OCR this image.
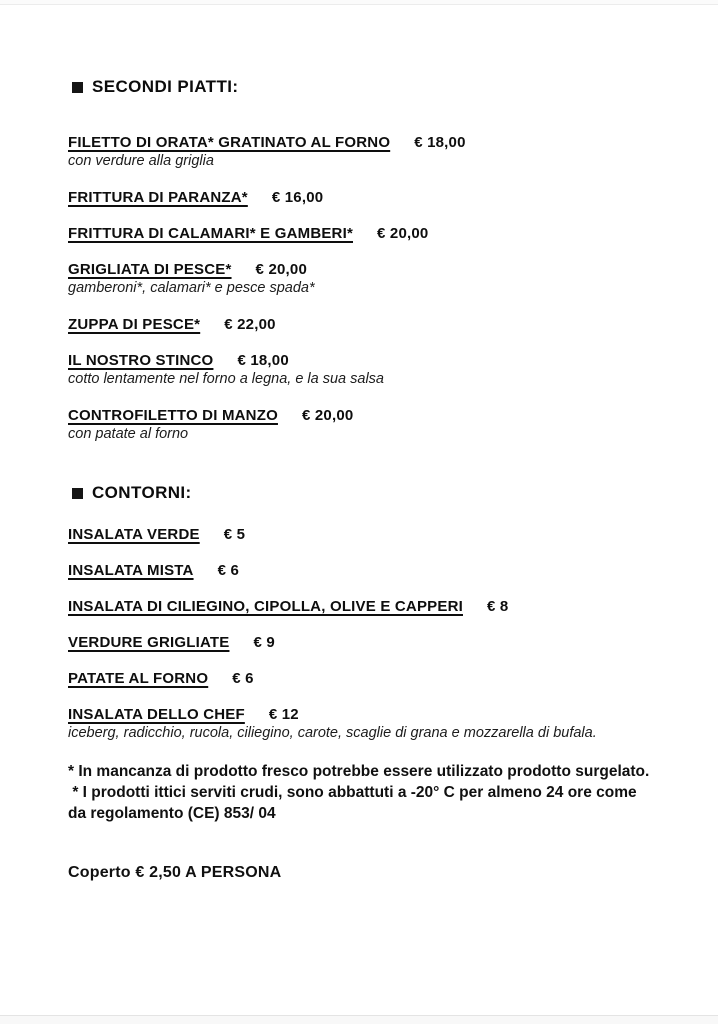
SECONDI PIATTI:
FILETTO DI ORATA* GRATINATO AL FORNO € 18,00
con verdure alla griglia
FRITTURA DI PARANZA* € 16,00
FRITTURA DI CALAMARI* E GAMBERI* € 20,00
GRIGLIATA DI PESCE* € 20,00
gamberoni*, calamari* e pesce spada*
ZUPPA DI PESCE* € 22,00
IL NOSTRO STINCO € 18,00
cotto lentamente nel forno a legna, e la sua salsa
CONTROFILETTO DI MANZO € 20,00
con patate al forno
CONTORNI:
INSALATA VERDE € 5
INSALATA MISTA € 6
INSALATA DI CILIEGINO, CIPOLLA, OLIVE E CAPPERI € 8
VERDURE GRIGLIATE € 9
PATATE AL FORNO € 6
INSALATA DELLO CHEF € 12
iceberg, radicchio, rucola, ciliegino, carote, scaglie di grana e mozzarella di bufala.

* In mancanza di prodotto fresco potrebbe essere utilizzato prodotto surgelato.

* I prodotti ittici serviti crudi, sono abbattuti a -20° C per almeno 24 ore come da regolamento (CE) 853/ 04

Coperto € 2,50 A PERSONA
